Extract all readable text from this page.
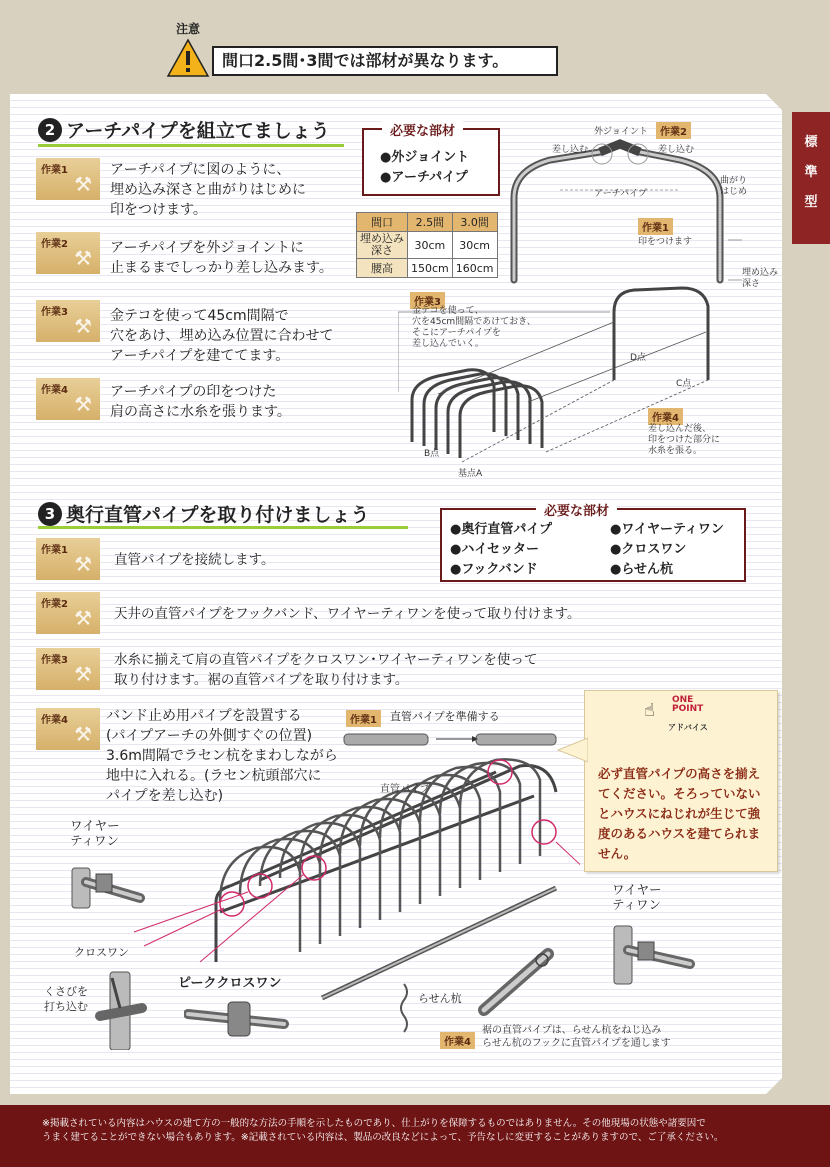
注意
間口2.5間･3間では部材が異なります。
標
準
型
2 アーチパイプを組立てましょう
作業1
⚒
アーチパイプに図のように、
埋め込み深さと曲がりはじめに
印をつけます。
作業2
⚒ アーチパイプを外ジョイントに
止まるまでしっかり差し込みます。
作業3
⚒ 金テコを使って45cm間隔で
穴をあけ、埋め込み位置に合わせて
アーチパイプを建ててます。
作業4
⚒ アーチパイプの印をつけた
肩の高さに水糸を張ります。
必要な部材
●外ジョイント
●アーチパイプ
間口	2.5間	3.0間
埋め込み
深さ	30cm	30cm
腰高	150cm	160cm
作業2
外ジョイント
差し込む	差し込む
アーチパイプ
曲がり
はじめ
作業1
印をつけます
埋め込み
深さ
作業3
金テコを使って、
穴を45cm間隔であけておき、
そこにアーチパイプを
差し込んでいく。
D点
C点
B点
基点A
作業4
差し込んだ後、
印をつけた部分に
水糸を張る。
3 奥行直管パイプを取り付けましょう	必要な部材
●奥行直管パイプ
●ハイセッター
●フックバンド
●ワイヤーティワン
●クロスワン
●らせん杭
作業1
⚒ 直管パイプを接続します。
作業2
⚒ 天井の直管パイプをフックバンド、ワイヤーティワンを使って取り付けます。
作業3
⚒
水糸に揃えて肩の直管パイプをクロスワン･ワイヤーティワンを使って
取り付けます。裾の直管パイプを取り付けます。
作業4
⚒
バンド止め用パイプを設置する
(パイプアーチの外側すぐの位置)
3.6m間隔でラセン杭をまわしながら
地中に入れる。(ラセン杭頭部穴に
パイプを差し込む)
作業1	直管パイプを準備する
ワイヤー
ティワン
ワイヤー
ティワン
クロスワン
くさびを
打ち込む
ピーククロスワン
直管パイプ
らせん杭
作業4
裾の直管パイプは、らせん杭をねじ込み
らせん杭のフックに直管パイプを通します
☝ ONE
POINT
アドバイス
必ず直管パイプの高さを揃えてください。そろっていないとハウスにねじれが生じて強度のあるハウスを建てられません。
※掲載されている内容はハウスの建て方の一般的な方法の手順を示したものであり、仕上がりを保障するものではありません。その他現場の状態や諸要因で
うまく建てることができない場合もあります。※記載されている内容は、製品の改良などによって、予告なしに変更することがありますので、ご了承ください。
